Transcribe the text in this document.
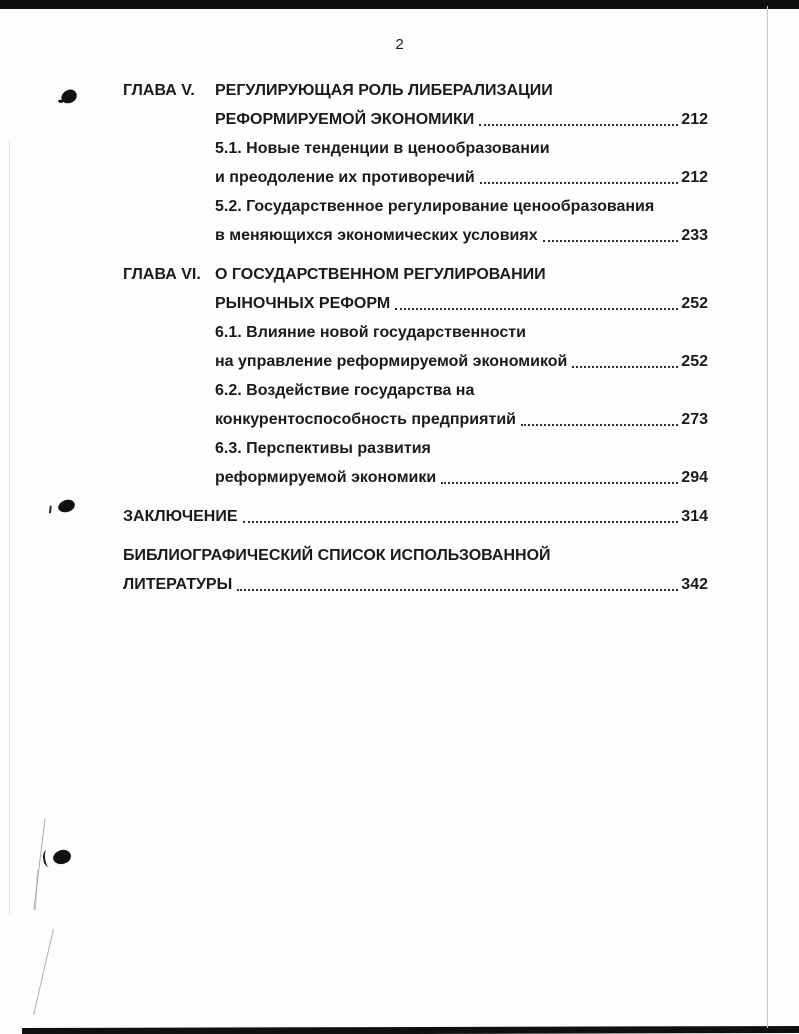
2
ГЛАВА V.	РЕГУЛИРУЮЩАЯ РОЛЬ ЛИБЕРАЛИЗАЦИИ
РЕФОРМИРУЕМОЙ ЭКОНОМИКИ	212
5.1. Новые тенденции в ценообразовании
и преодоление их противоречий	212
5.2. Государственное регулирование ценообразования
в меняющихся экономических условиях	233
ГЛАВА VI. О ГОСУДАРСТВЕННОМ РЕГУЛИРОВАНИИ
РЫНОЧНЫХ РЕФОРМ	252
6.1. Влияние новой государственности
на управление реформируемой экономикой	252
6.2. Воздействие государства на
конкурентоспособность предприятий	273
6.3. Перспективы развития
реформируемой экономики	294
ЗАКЛЮЧЕНИЕ	314
БИБЛИОГРАФИЧЕСКИЙ СПИСОК ИСПОЛЬЗОВАННОЙ
ЛИТЕРАТУРЫ	342
